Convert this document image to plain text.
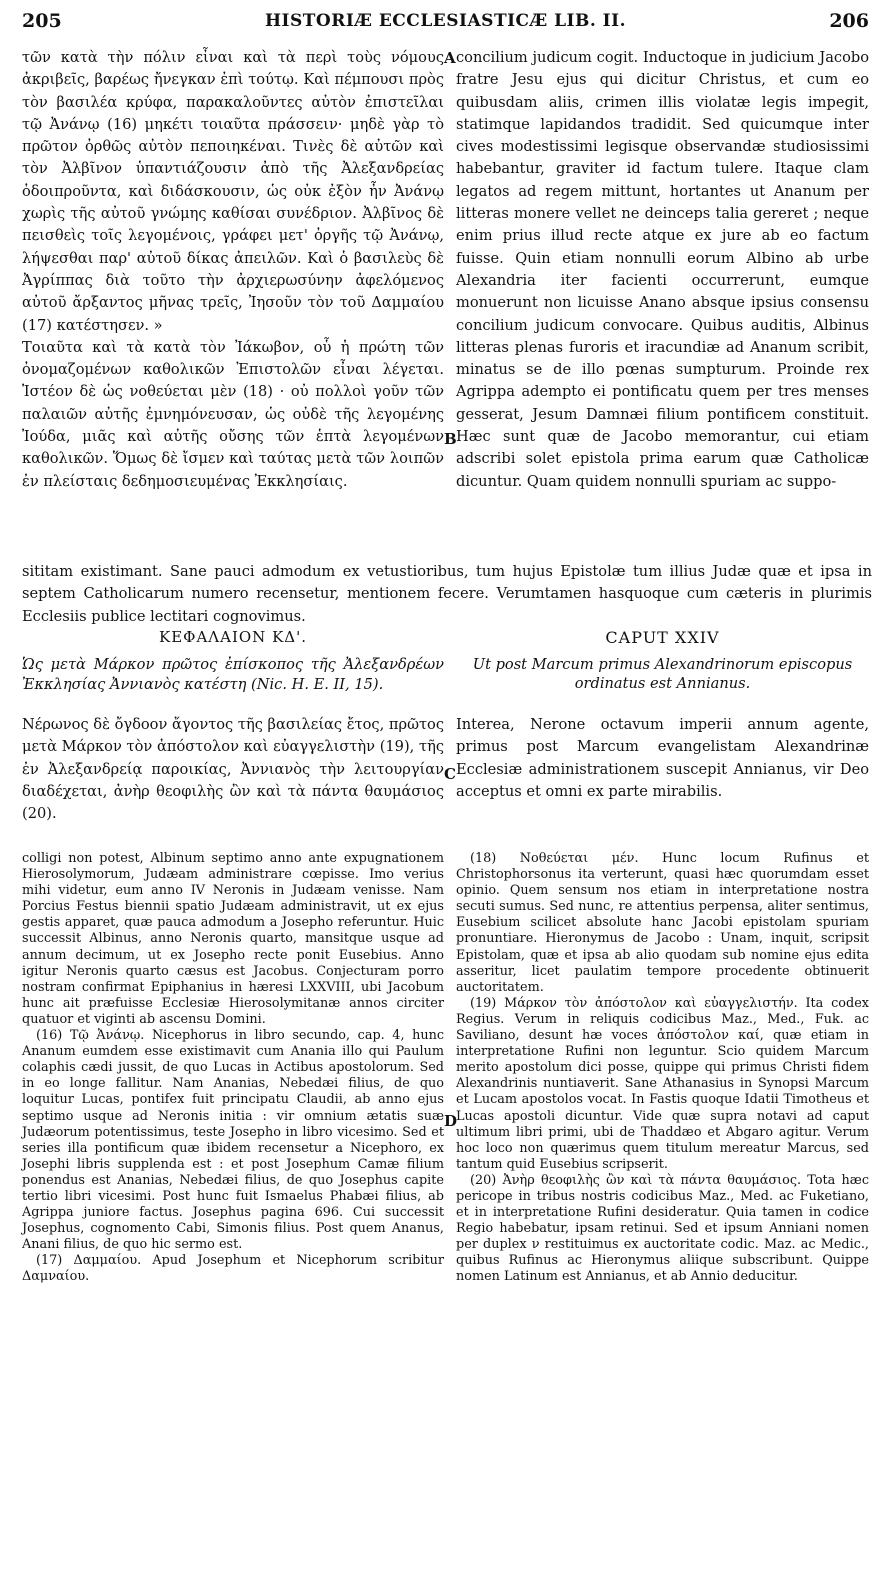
205	HISTORIÆ ECCLESIASTICÆ LIB. II.	206

τῶν κατὰ τὴν πόλιν εἶναι καὶ τὰ περὶ τοὺς νόμους ἀκριβεῖς, βαρέως ἤνεγκαν ἐπὶ τούτῳ. Καὶ πέμπουσι πρὸς τὸν βασιλέα κρύφα, παρακαλοῦντες αὐτὸν ἐπιστεῖλαι τῷ Ἀνάνῳ (16) μηκέτι τοιαῦτα πράσσειν· μηδὲ γὰρ τὸ πρῶτον ὀρθῶς αὐτὸν πεποιηκέναι. Τινὲς δὲ αὐτῶν καὶ τὸν Ἀλβῖνον ὑπαντιάζουσιν ἀπὸ τῆς Ἀλεξανδρείας ὁδοιπροῦντα, καὶ διδάσκουσιν, ὡς οὐκ ἐξὸν ἦν Ἀνάνῳ χωρὶς τῆς αὐτοῦ γνώμης καθίσαι συνέδριον. Ἀλβῖνος δὲ πεισθεὶς τοῖς λεγομένοις, γράφει μετ' ὀργῆς τῷ Ἀνάνῳ, λήψεσθαι παρ' αὐτοῦ δίκας ἀπειλῶν. Καὶ ὁ βασιλεὺς δὲ Ἀγρίππας διὰ τοῦτο τὴν ἀρχιερωσύνην ἀφελόμενος αὐτοῦ ἄρξαντος μῆνας τρεῖς, Ἰησοῦν τὸν τοῦ Δαμμαίου (17) κατέστησεν. »

Τοιαῦτα καὶ τὰ κατὰ τὸν Ἰάκωβον, οὗ ἡ πρώτη τῶν ὀνομαζομένων καθολικῶν Ἐπιστολῶν εἶναι λέγεται. Ἰστέον δὲ ὡς νοθεύεται μὲν (18) · οὐ πολλοὶ γοῦν τῶν παλαιῶν αὐτῆς ἐμνημόνευσαν, ὡς οὐδὲ τῆς λεγομένης Ἰούδα, μιᾶς καὶ αὐτῆς οὔσης τῶν ἑπτὰ λεγομένων καθολικῶν. Ὅμως δὲ ἴσμεν καὶ ταύτας μετὰ τῶν λοιπῶν ἐν πλείσταις δεδημοσιευμένας Ἐκκλησίαις.

A
B
C
D

concilium judicum cogit. Inductoque in judicium Jacobo fratre Jesu ejus qui dicitur Christus, et cum eo quibusdam aliis, crimen illis violatæ legis impegit, statimque lapidandos tradidit. Sed quicumque inter cives modestissimi legisque observandæ studiosissimi habebantur, graviter id factum tulere. Itaque clam legatos ad regem mittunt, hortantes ut Ananum per litteras monere vellet ne deinceps talia gereret ; neque enim prius illud recte atque ex jure ab eo factum fuisse. Quin etiam nonnulli eorum Albino ab urbe Alexandria iter facienti occurrerunt, eumque monuerunt non licuisse Anano absque ipsius consensu concilium judicum convocare. Quibus auditis, Albinus litteras plenas furoris et iracundiæ ad Ananum scribit, minatus se de illo pœnas sumpturum. Proinde rex Agrippa adempto ei pontificatu quem per tres menses gesserat, Jesum Damnæi filium pontificem constituit. Hæc sunt quæ de Jacobo memorantur, cui etiam adscribi solet epistola prima earum quæ Catholicæ dicuntur. Quam quidem nonnulli spuriam ac suppo-

sititam existimant. Sane pauci admodum ex vetustioribus, tum hujus Epistolæ tum illius Judæ quæ et ipsa in septem Catholicarum numero recensetur, mentionem fecere. Verumtamen hasquoque cum cæteris in plurimis Ecclesiis publice lectitari cognovimus.
ΚΕΦΑΛΑΙΟΝ ΚΔ'.
Ὡς μετὰ Μάρκον πρῶτος ἐπίσκοπος τῆς Ἀλεξανδρέων Ἐκκλησίας Ἀννιανὸς κατέστη (Nic. H. E. II, 15).
Νέρωνος δὲ ὄγδοον ἄγοντος τῆς βασιλείας ἔτος, πρῶτος μετὰ Μάρκον τὸν ἀπόστολον καὶ εὐαγγελιστὴν (19), τῆς ἐν Ἀλεξανδρείᾳ παροικίας, Ἀννιανὸς τὴν λειτουργίαν διαδέχεται, ἀνὴρ θεοφιλὴς ὢν καὶ τὰ πάντα θαυμάσιος (20).
CAPUT XXIV
Ut post Marcum primus Alexandrinorum episcopus ordinatus est Annianus.
Interea, Nerone octavum imperii annum agente, primus post Marcum evangelistam Alexandrinæ Ecclesiæ administrationem suscepit Annianus, vir Deo acceptus et omni ex parte mirabilis.

colligi non potest, Albinum septimo anno ante expugnationem Hierosolymorum, Judæam administrare cœpisse. Imo verius mihi videtur, eum anno IV Neronis in Judæam venisse. Nam Porcius Festus biennii spatio Judæam administravit, ut ex ejus gestis apparet, quæ pauca admodum a Josepho referuntur. Huic successit Albinus, anno Neronis quarto, mansitque usque ad annum decimum, ut ex Josepho recte ponit Eusebius. Anno igitur Neronis quarto cæsus est Jacobus. Conjecturam porro nostram confirmat Epiphanius in hæresi LXXVIII, ubi Jacobum hunc ait præfuisse Ecclesiæ Hierosolymitanæ annos circiter quatuor et viginti ab ascensu Domini.

(16) Τῷ Ἀνάνῳ. Nicephorus in libro secundo, cap. 4, hunc Ananum eumdem esse existimavit cum Anania illo qui Paulum colaphis cædi jussit, de quo Lucas in Actibus apostolorum. Sed in eo longe fallitur. Nam Ananias, Nebedæi filius, de quo loquitur Lucas, pontifex fuit principatu Claudii, ab anno ejus septimo usque ad Neronis initia : vir omnium ætatis suæ Judæorum potentissimus, teste Josepho in libro vicesimo. Sed et series illa pontificum quæ ibidem recensetur a Nicephoro, ex Josephi libris supplenda est : et post Josephum Camæ filium ponendus est Ananias, Nebedæi filius, de quo Josephus capite tertio libri vicesimi. Post hunc fuit Ismaelus Phabæi filius, ab Agrippa juniore factus. Josephus pagina 696. Cui successit Josephus, cognomento Cabi, Simonis filius. Post quem Ananus, Anani filius, de quo hic sermo est.

(17) Δαμμαίου. Apud Josephum et Nicephorum scribitur Δαμναίου.

(18) Νοθεύεται μέν. Hunc locum Rufinus et Christophorsonus ita verterunt, quasi hæc quorumdam esset opinio. Quem sensum nos etiam in interpretatione nostra secuti sumus. Sed nunc, re attentius perpensa, aliter sentimus, Eusebium scilicet absolute hanc Jacobi epistolam spuriam pronuntiare. Hieronymus de Jacobo : Unam, inquit, scripsit Epistolam, quæ et ipsa ab alio quodam sub nomine ejus edita asseritur, licet paulatim tempore procedente obtinuerit auctoritatem.

(19) Μάρκον τὸν ἀπόστολον καὶ εὐαγγελιστήν. Ita codex Regius. Verum in reliquis codicibus Maz., Med., Fuk. ac Saviliano, desunt hæ voces ἀπόστολον καί, quæ etiam in interpretatione Rufini non leguntur. Scio quidem Marcum merito apostolum dici posse, quippe qui primus Christi fidem Alexandrinis nuntiaverit. Sane Athanasius in Synopsi Marcum et Lucam apostolos vocat. In Fastis quoque Idatii Timotheus et Lucas apostoli dicuntur. Vide quæ supra notavi ad caput ultimum libri primi, ubi de Thaddæo et Abgaro agitur. Verum hoc loco non quærimus quem titulum mereatur Marcus, sed tantum quid Eusebius scripserit.

(20) Ἀνὴρ θεοφιλὴς ὢν καὶ τὰ πάντα θαυμάσιος. Tota hæc pericope in tribus nostris codicibus Maz., Med. ac Fuketiano, et in interpretatione Rufini desideratur. Quia tamen in codice Regio habebatur, ipsam retinui. Sed et ipsum Anniani nomen per duplex ν restituimus ex auctoritate codic. Maz. ac Medic., quibus Rufinus ac Hieronymus aliique subscribunt. Quippe nomen Latinum est Annianus, et ab Annio deducitur.
